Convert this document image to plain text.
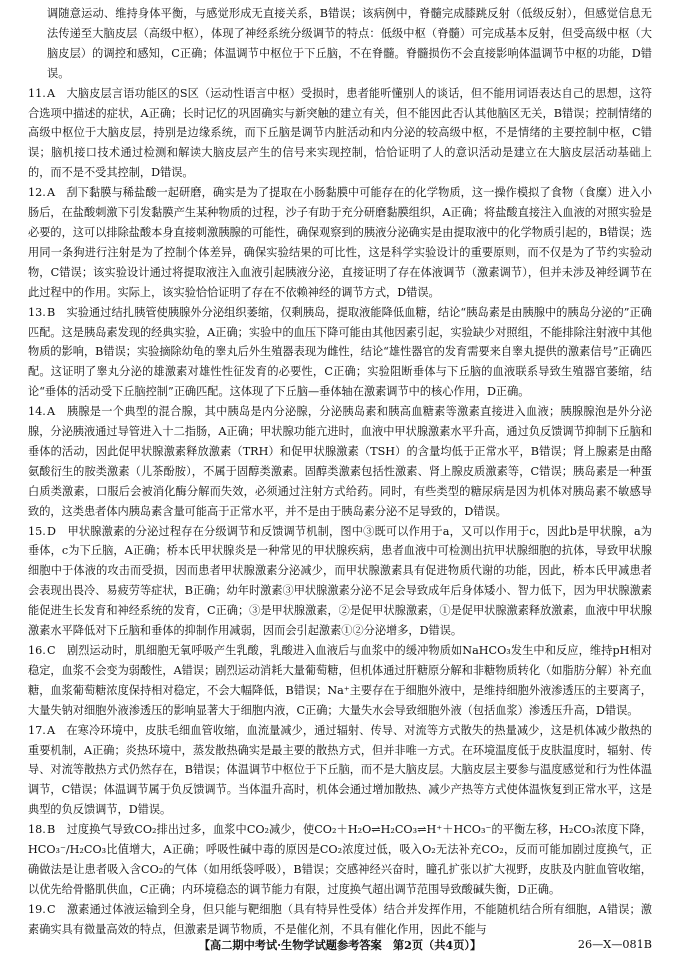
调随意运动、维持身体平衡，与感觉形成无直接关系，B错误；该病例中，脊髓完成膝跳反射（低级反射），但感觉信息无法传递至大脑皮层（高级中枢），体现了神经系统分级调节的特点：低级中枢（脊髓）可完成基本反射，但受高级中枢（大脑皮层）的调控和感知，C正确；体温调节中枢位于下丘脑，不在脊髓。脊髓损伤不会直接影响体温调节中枢的功能，D错误。

11.A　大脑皮层言语功能区的S区（运动性语言中枢）受损时，患者能听懂别人的谈话，但不能用词语表达自己的思想，这符合选项中描述的症状，A正确；长时记忆的巩固确实与新突触的建立有关，但不能因此否认其他脑区无关，B错误；控制情绪的高级中枢位于大脑皮层，持别是边缘系统，而下丘脑是调节内脏活动和内分泌的较高级中枢，不是情绪的主要控制中枢，C错误；脑机接口技术通过检测和解读大脑皮层产生的信号来实现控制，恰恰证明了人的意识活动是建立在大脑皮层活动基础上的，而不是不受其控制，D错误。

12.A　刮下黏膜与稀盐酸一起研磨，确实是为了提取在小肠黏膜中可能存在的化学物质，这一操作模拟了食物（食糜）进入小肠后，在盐酸刺激下引发黏膜产生某种物质的过程，沙子有助于充分研磨黏膜组织，A正确；将盐酸直接注入血液的对照实验是必要的，这可以排除盐酸本身直接刺激胰腺的可能性，确保观察到的胰液分泌确实是由提取液中的化学物质引起的，B错误；选用同一条狗进行注射是为了控制个体差异，确保实验结果的可比性，这是科学实验设计的重要原则，而不仅是为了节约实验动物，C错误；该实验设计通过将提取液注入血液引起胰液分泌，直接证明了存在体液调节（激素调节），但并未涉及神经调节在此过程中的作用。实际上，该实验恰恰证明了存在不依赖神经的调节方式，D错误。

13.B　实验通过结扎胰管使胰腺外分泌组织萎缩，仅剩胰岛，提取液能降低血糖，结论“胰岛素是由胰腺中的胰岛分泌的”正确匹配。这是胰岛素发现的经典实验，A正确；实验中的血压下降可能由其他因素引起，实验缺少对照组，不能排除注射液中其他物质的影响，B错误；实验摘除幼龟的睾丸后外生殖器表现为雌性，结论“雄性器官的发育需要来自睾丸提供的激素信号”正确匹配。这证明了睾丸分泌的雄激素对雄性性征发育的必要性，C正确；实验阻断垂体与下丘脑的血液联系导致生殖器官萎缩，结论“垂体的活动受下丘脑控制”正确匹配。这体现了下丘脑—垂体轴在激素调节中的核心作用，D正确。

14.A　胰腺是一个典型的混合腺，其中胰岛是内分泌腺，分泌胰岛素和胰高血糖素等激素直接进入血液；胰腺腺泡是外分泌腺，分泌胰液通过导管进入十二指肠，A正确；甲状腺功能亢进时，血液中甲状腺激素水平升高，通过负反馈调节抑制下丘脑和垂体的活动，因此促甲状腺激素释放激素（TRH）和促甲状腺激素（TSH）的含量均低于正常水平，B错误；肾上腺素是由酪氨酸衍生的胺类激素（儿茶酚胺），不属于固醇类激素。固醇类激素包括性激素、肾上腺皮质激素等，C错误；胰岛素是一种蛋白质类激素，口服后会被消化酶分解而失效，必须通过注射方式给药。同时，有些类型的糖尿病是因为机体对胰岛素不敏感导致的，这类患者体内胰岛素含量可能高于正常水平，并不是由于胰岛素分泌不足导致的，D错误。

15.D　甲状腺激素的分泌过程存在分级调节和反馈调节机制，图中③既可以作用于a，又可以作用于c，因此b是甲状腺，a为垂体，c为下丘脑，A正确；桥本氏甲状腺炎是一种常见的甲状腺疾病，患者血液中可检测出抗甲状腺细胞的抗体，导致甲状腺细胞中于体液的攻击而受损，因而患者甲状腺激素分泌减少，而甲状腺激素具有促进物质代谢的功能，因此，桥本氏甲减患者会表现出畏冷、易疲劳等症状，B正确；幼年时激素③甲状腺激素分泌不足会导致成年后身体矮小、智力低下，因为甲状腺激素能促进生长发育和神经系统的发育，C正确；③是甲状腺激素，②是促甲状腺激素，①是促甲状腺激素释放激素，血液中甲状腺激素水平降低对下丘脑和垂体的抑制作用减弱，因而会引起激素①②分泌增多，D错误。

16.C　剧烈运动时，肌细胞无氧呼吸产生乳酸，乳酸进入血液后与血浆中的缓冲物质如NaHCO₃发生中和反应，维持pH相对稳定，血浆不会变为弱酸性，A错误；剧烈运动消耗大量葡萄糖，但机体通过肝糖原分解和非糖物质转化（如脂肪分解）补充血糖，血浆葡萄糖浓度保持相对稳定，不会大幅降低，B错误；Na⁺主要存在于细胞外液中，是维持细胞外液渗透压的主要离子，大量失钠对细胞外液渗透压的影响显著大于细胞内液，C正确；大量失水会导致细胞外液（包括血浆）渗透压升高，D错误。

17.A　在寒冷环境中，皮肤毛细血管收缩，血流量减少，通过辐射、传导、对流等方式散失的热量减少，这是机体减少散热的重要机制，A正确；炎热环境中，蒸发散热确实是最主要的散热方式，但并非唯一方式。在环境温度低于皮肤温度时，辐射、传导、对流等散热方式仍然存在，B错误；体温调节中枢位于下丘脑，而不是大脑皮层。大脑皮层主要参与温度感觉和行为性体温调节，C错误；体温调节属于负反馈调节。当体温升高时，机体会通过增加散热、减少产热等方式使体温恢复到正常水平，这是典型的负反馈调节，D错误。

18.B　过度换气导致CO₂排出过多，血浆中CO₂减少，使CO₂＋H₂O⇌H₂CO₃⇌H⁺＋HCO₃⁻的平衡左移，H₂CO₃浓度下降，HCO₃⁻/H₂CO₃比值增大，A正确；呼吸性碱中毒的原因是CO₂浓度过低，吸入O₂无法补充CO₂，反而可能加剧过度换气，正确做法是让患者吸入含CO₂的气体（如用纸袋呼吸），B错误；交感神经兴奋时，瞳孔扩张以扩大视野，皮肤及内脏血管收缩，以优先给骨骼肌供血，C正确；内环境稳态的调节能力有限，过度换气超出调节范围导致酸碱失衡，D正确。

19.C　激素通过体液运输到全身，但只能与靶细胞（具有特异性受体）结合并发挥作用，不能随机结合所有细胞，A错误；激素确实具有微量高效的特点，但激素是调节物质，不是催化剂，不具有催化作用，因此不能与

【高二期中考试·生物学试题参考答案　第2页（共4页）】	26—X—081B
